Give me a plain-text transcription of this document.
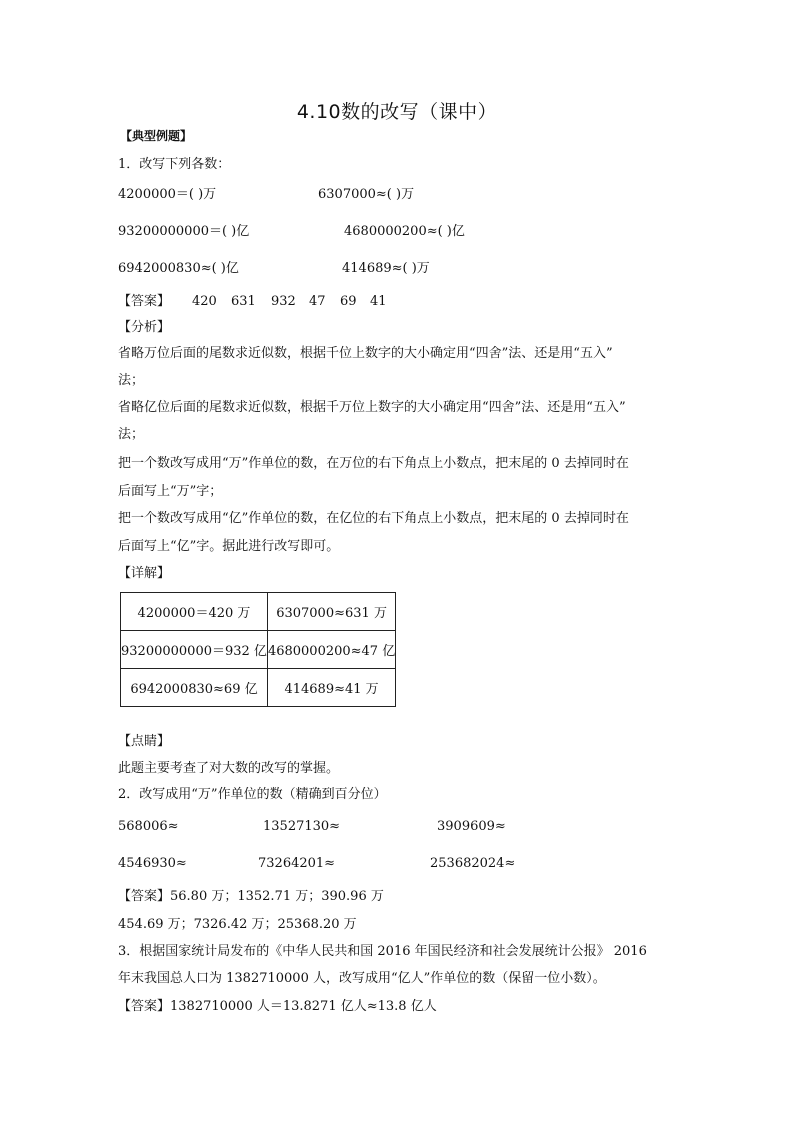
4.10数的改写（课中）
【典型例题】
1．改写下列各数：
4200000＝( )万	6307000≈( )万
93200000000＝( )亿	4680000200≈( )亿
6942000830≈( )亿	414689≈( )万
【答案】 420 631 932 47 69 41
【分析】
省略万位后面的尾数求近似数，根据千位上数字的大小确定用“四舍”法、还是用“五入”
法；
省略亿位后面的尾数求近似数，根据千万位上数字的大小确定用“四舍”法、还是用“五入”
法；
把一个数改写成用“万”作单位的数，在万位的右下角点上小数点，把末尾的 0 去掉同时在
后面写上“万”字；
把一个数改写成用“亿”作单位的数，在亿位的右下角点上小数点，把末尾的 0 去掉同时在
后面写上“亿”字。据此进行改写即可。
【详解】
4200000＝420 万	6307000≈631 万
93200000000＝932 亿	4680000200≈47 亿
6942000830≈69 亿	414689≈41 万
【点睛】
此题主要考查了对大数的改写的掌握。
2．改写成用“万”作单位的数（精确到百分位）
568006≈	13527130≈	3909609≈
4546930≈	73264201≈	253682024≈
【答案】56.80 万；1352.71 万；390.96 万
454.69 万；7326.42 万；25368.20 万
3．根据国家统计局发布的《中华人民共和国 2016 年国民经济和社会发展统计公报》 2016
年末我国总人口为 1382710000 人，改写成用“亿人”作单位的数（保留一位小数）。
【答案】1382710000 人＝13.8271 亿人≈13.8 亿人
